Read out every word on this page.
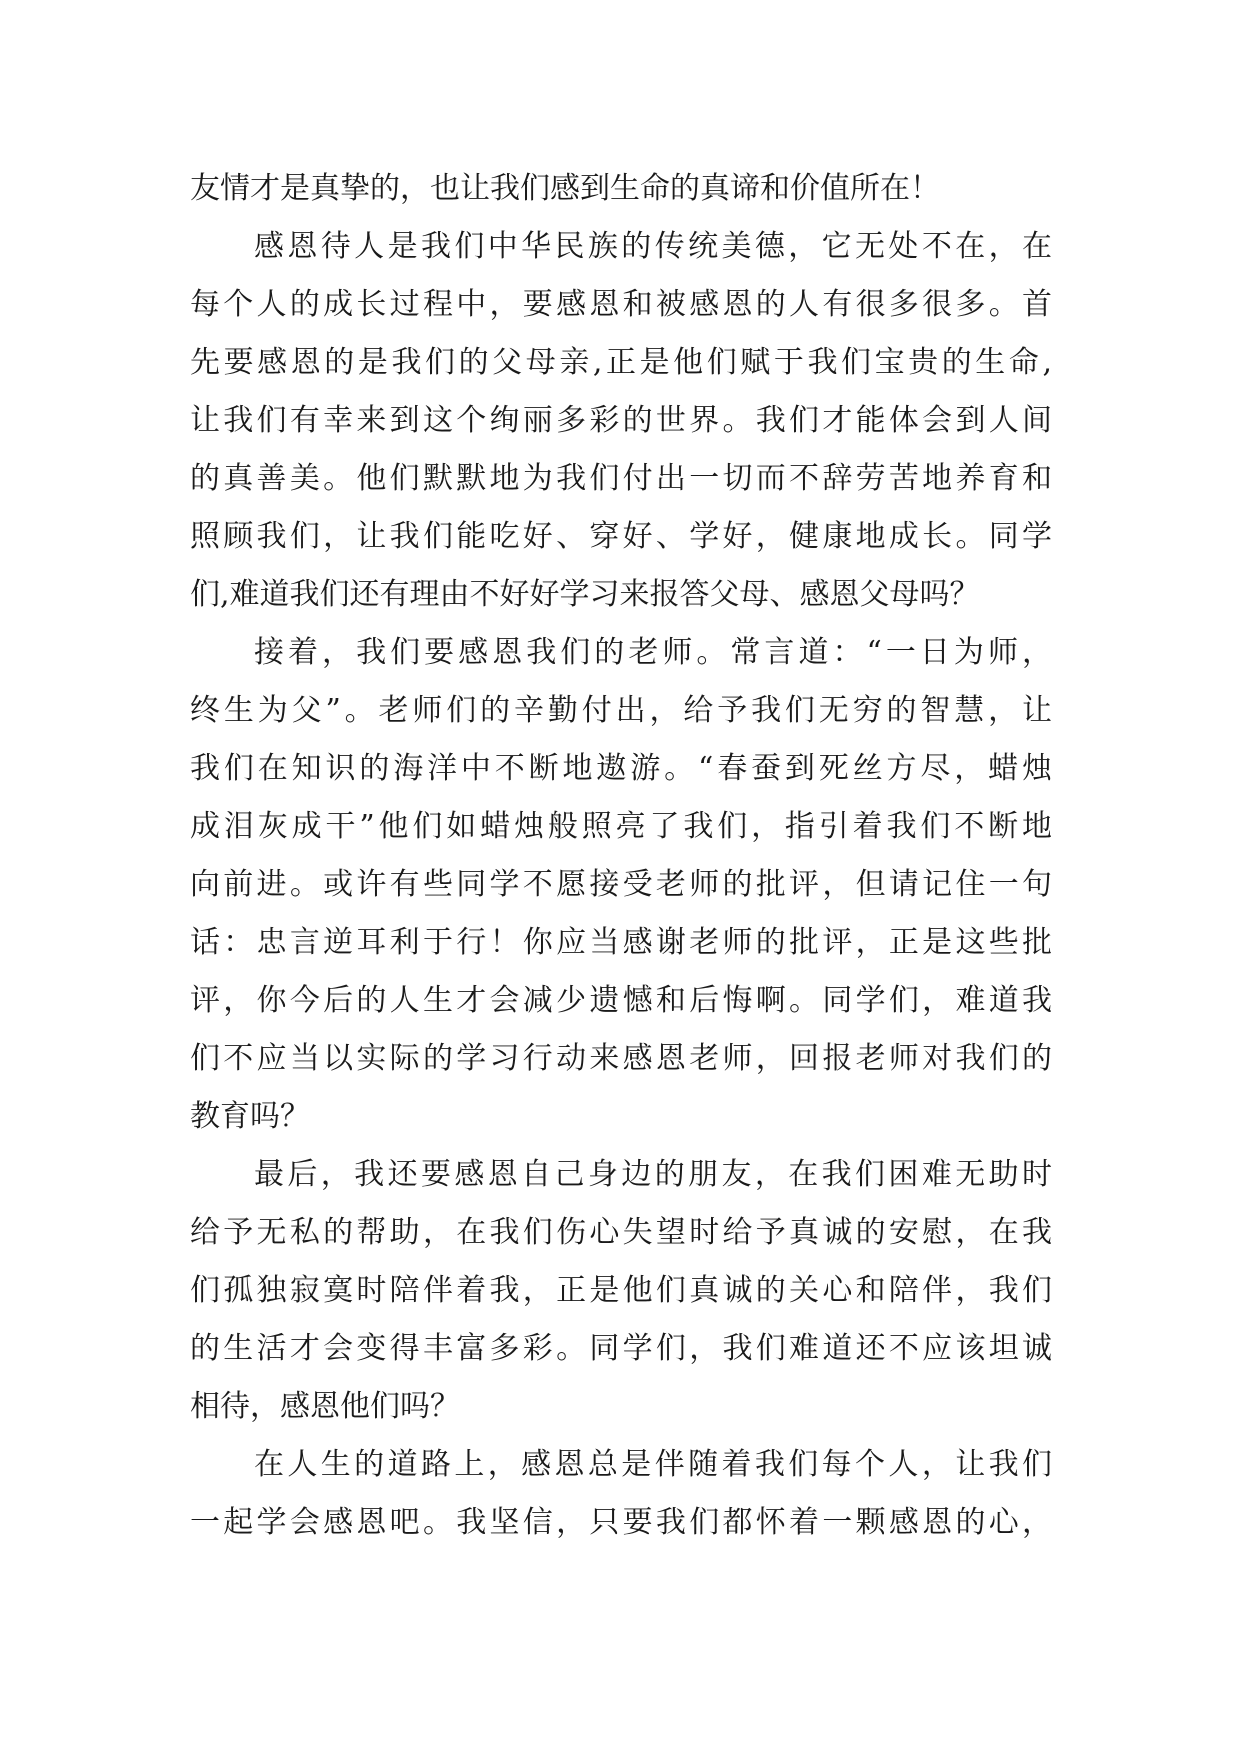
友情才是真挚的，也让我们感到生命的真谛和价值所在！
感恩待人是我们中华民族的传统美德，它无处不在，在
每个人的成长过程中，要感恩和被感恩的人有很多很多。首
先要感恩的是我们的父母亲,正是他们赋于我们宝贵的生命,
让我们有幸来到这个绚丽多彩的世界。我们才能体会到人间
的真善美。他们默默地为我们付出一切而不辞劳苦地养育和
照顾我们，让我们能吃好、穿好、学好，健康地成长。同学
们,难道我们还有理由不好好学习来报答父母、感恩父母吗？
接着，我们要感恩我们的老师。常言道：“一日为师，
终生为父”。老师们的辛勤付出，给予我们无穷的智慧，让
我们在知识的海洋中不断地遨游。“春蚕到死丝方尽，蜡烛
成泪灰成干”他们如蜡烛般照亮了我们，指引着我们不断地
向前进。或许有些同学不愿接受老师的批评，但请记住一句
话：忠言逆耳利于行！你应当感谢老师的批评，正是这些批
评，你今后的人生才会减少遗憾和后悔啊。同学们，难道我
们不应当以实际的学习行动来感恩老师，回报老师对我们的
教育吗？
最后，我还要感恩自己身边的朋友，在我们困难无助时
给予无私的帮助，在我们伤心失望时给予真诚的安慰，在我
们孤独寂寞时陪伴着我，正是他们真诚的关心和陪伴，我们
的生活才会变得丰富多彩。同学们，我们难道还不应该坦诚
相待，感恩他们吗？
在人生的道路上，感恩总是伴随着我们每个人，让我们
一起学会感恩吧。我坚信，只要我们都怀着一颗感恩的心，
